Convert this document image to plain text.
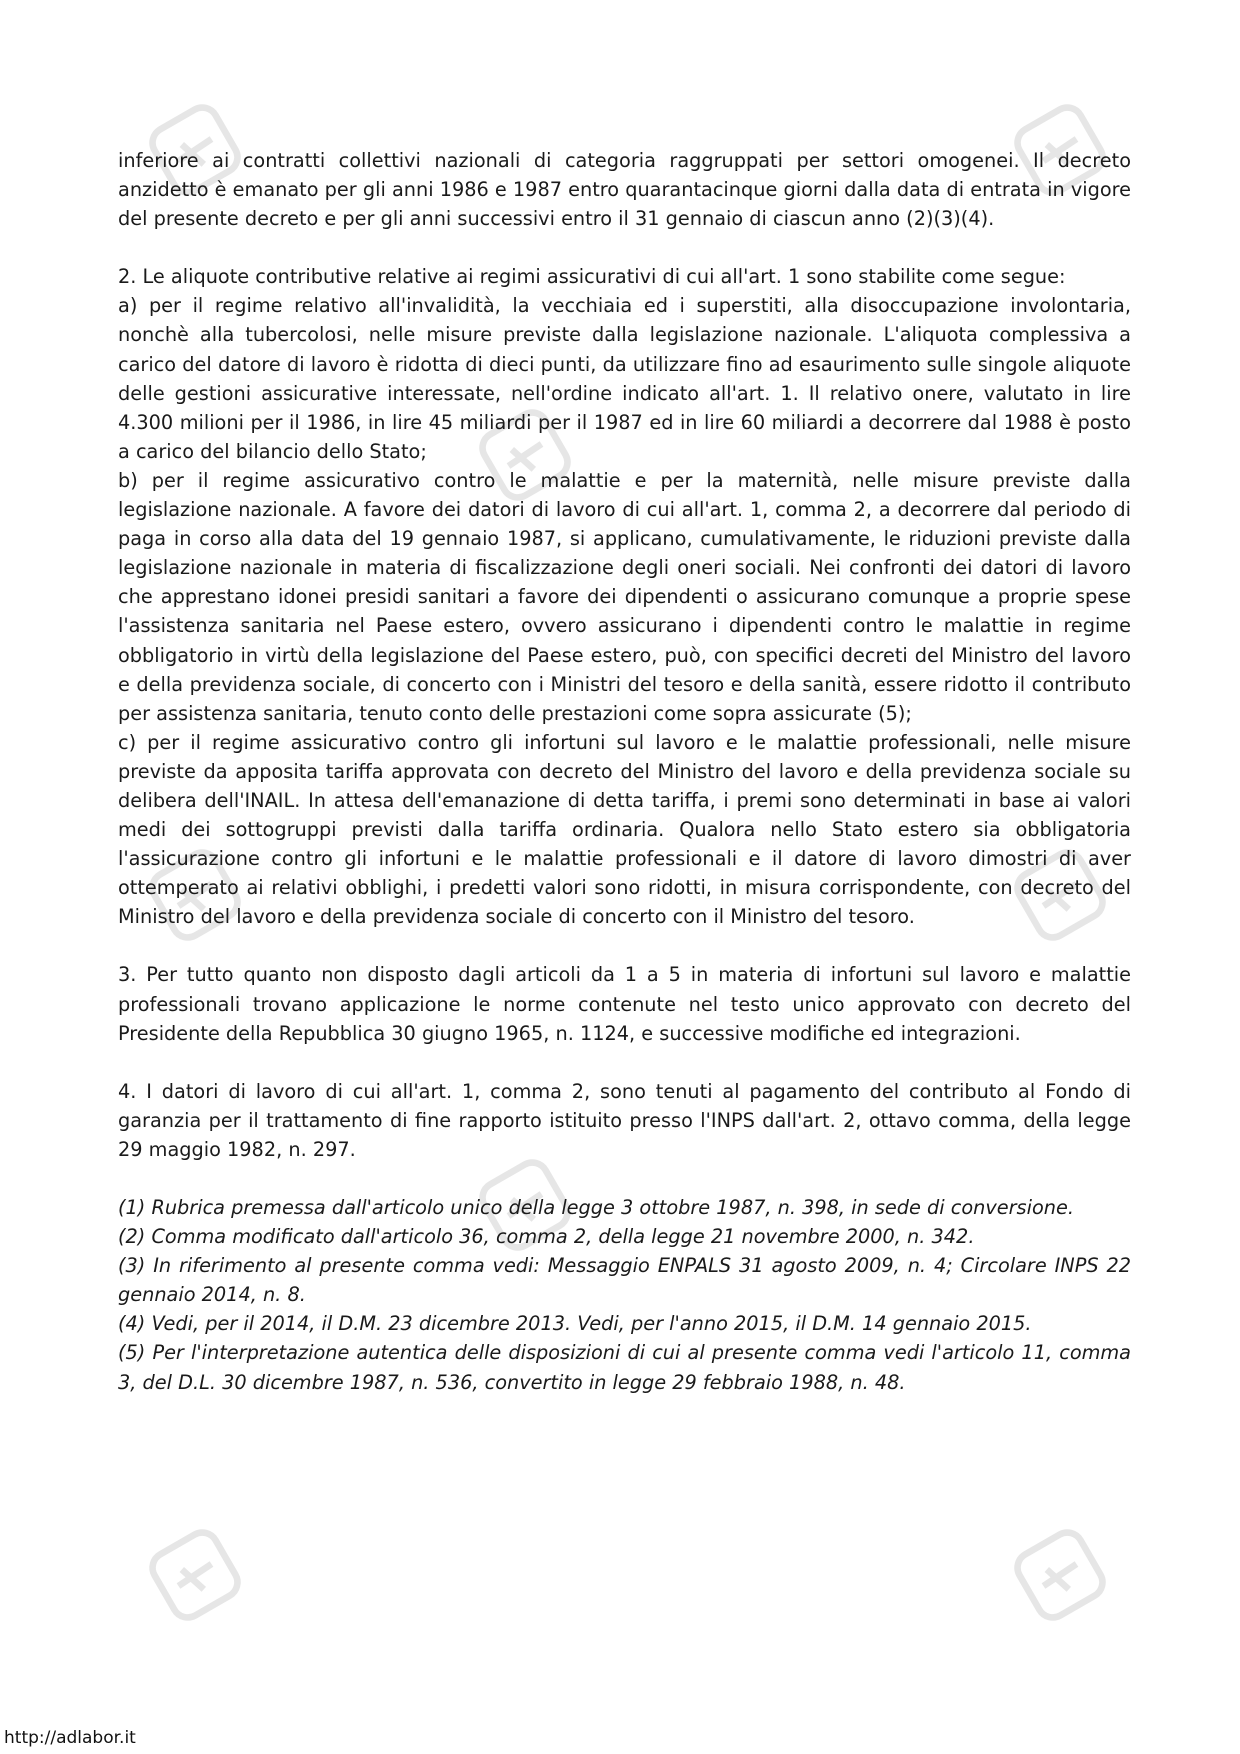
inferiore ai contratti collettivi nazionali di categoria raggruppati per settori omogenei. Il decreto anzidetto è emanato per gli anni 1986 e 1987 entro quarantacinque giorni dalla data di entrata in vigore del presente decreto e per gli anni successivi entro il 31 gennaio di ciascun anno (2)(3)(4).

2. Le aliquote contributive relative ai regimi assicurativi di cui all'art. 1 sono stabilite come segue:

a) per il regime relativo all'invalidità, la vecchiaia ed i superstiti, alla disoccupazione involontaria, nonchè alla tubercolosi, nelle misure previste dalla legislazione nazionale. L'aliquota complessiva a carico del datore di lavoro è ridotta di dieci punti, da utilizzare fino ad esaurimento sulle singole aliquote delle gestioni assicurative interessate, nell'ordine indicato all'art. 1. Il relativo onere, valutato in lire 4.300 milioni per il 1986, in lire 45 miliardi per il 1987 ed in lire 60 miliardi a decorrere dal 1988 è posto a carico del bilancio dello Stato;

b) per il regime assicurativo contro le malattie e per la maternità, nelle misure previste dalla legislazione nazionale. A favore dei datori di lavoro di cui all'art. 1, comma 2, a decorrere dal periodo di paga in corso alla data del 19 gennaio 1987, si applicano, cumulativamente, le riduzioni previste dalla legislazione nazionale in materia di fiscalizzazione degli oneri sociali. Nei confronti dei datori di lavoro che apprestano idonei presidi sanitari a favore dei dipendenti o assicurano comunque a proprie spese l'assistenza sanitaria nel Paese estero, ovvero assicurano i dipendenti contro le malattie in regime obbligatorio in virtù della legislazione del Paese estero, può, con specifici decreti del Ministro del lavoro e della previdenza sociale, di concerto con i Ministri del tesoro e della sanità, essere ridotto il contributo per assistenza sanitaria, tenuto conto delle prestazioni come sopra assicurate (5);

c) per il regime assicurativo contro gli infortuni sul lavoro e le malattie professionali, nelle misure previste da apposita tariffa approvata con decreto del Ministro del lavoro e della previdenza sociale su delibera dell'INAIL. In attesa dell'emanazione di detta tariffa, i premi sono determinati in base ai valori medi dei sottogruppi previsti dalla tariffa ordinaria. Qualora nello Stato estero sia obbligatoria l'assicurazione contro gli infortuni e le malattie professionali e il datore di lavoro dimostri di aver ottemperato ai relativi obblighi, i predetti valori sono ridotti, in misura corrispondente, con decreto del Ministro del lavoro e della previdenza sociale di concerto con il Ministro del tesoro.

3. Per tutto quanto non disposto dagli articoli da 1 a 5 in materia di infortuni sul lavoro e malattie professionali trovano applicazione le norme contenute nel testo unico approvato con decreto del Presidente della Repubblica 30 giugno 1965, n. 1124, e successive modifiche ed integrazioni.

4. I datori di lavoro di cui all'art. 1, comma 2, sono tenuti al pagamento del contributo al Fondo di garanzia per il trattamento di fine rapporto istituito presso l'INPS dall'art. 2, ottavo comma, della legge 29 maggio 1982, n. 297.

(1) Rubrica premessa dall'articolo unico della legge 3 ottobre 1987, n. 398, in sede di conversione.

(2) Comma modificato dall'articolo 36, comma 2, della legge 21 novembre 2000, n. 342.

(3) In riferimento al presente comma vedi: Messaggio ENPALS 31 agosto 2009, n. 4; Circolare INPS 22 gennaio 2014, n. 8.

(4) Vedi, per il 2014, il D.M. 23 dicembre 2013. Vedi, per l'anno 2015, il D.M. 14 gennaio 2015.

(5) Per l'interpretazione autentica delle disposizioni di cui al presente comma vedi l'articolo 11, comma 3, del D.L. 30 dicembre 1987, n. 536, convertito in legge 29 febbraio 1988, n. 48.

http://adlabor.it
